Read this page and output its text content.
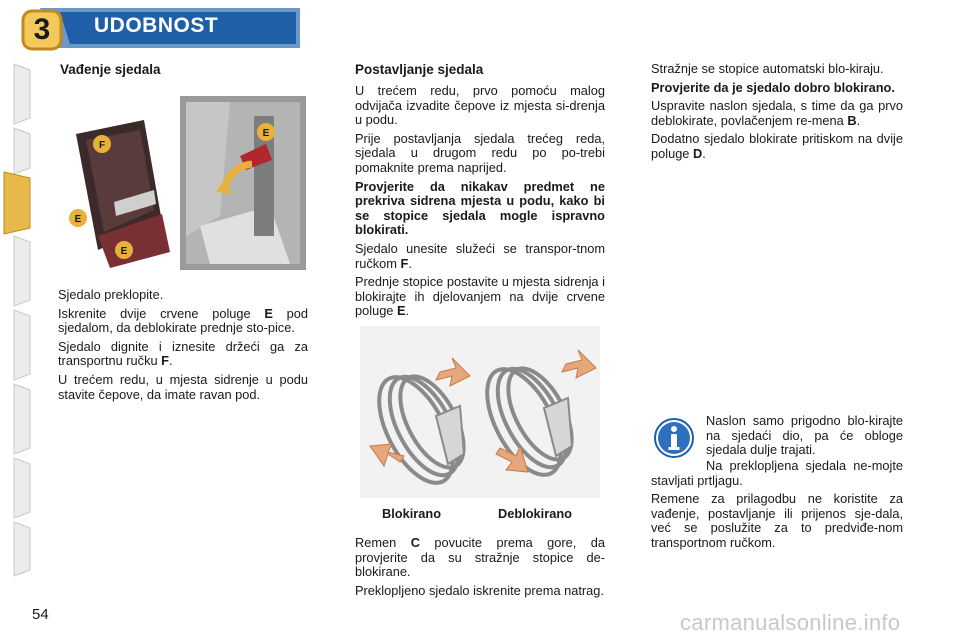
3	UDOBNOST
Vađenje sjedala
F
E
E
E

Sjedalo preklopite.

Iskrenite dvije crvene poluge E pod sjedalom, da deblokirate prednje sto-pice.

Sjedalo dignite i iznesite držeći ga za transportnu ručku F.

U trećem redu, u mjesta sidrenje u podu stavite čepove, da imate ravan pod.

Postavljanje sjedala

U trećem redu, prvo pomoću malog odvijača izvadite čepove iz mjesta si-drenja u podu.

Prije postavljanja sjedala trećeg reda, sjedala u drugom redu po po-trebi pomaknite prema naprijed.

Provjerite da nikakav predmet ne prekriva sidrena mjesta u podu, kako bi se stopice sjedala mogle ispravno blokirati.

Sjedalo unesite služeći se transpor-tnom ručkom F.

Prednje stopice postavite u mjesta sidrenja i blokirajte ih djelovanjem na dvije crvene poluge E.

Blokirano	Deblokirano

Remen C povucite prema gore, da provjerite da su stražnje stopice de-blokirane.

Preklopljeno sjedalo iskrenite prema natrag.

Stražnje se stopice automatski blo-kiraju.

Provjerite da je sjedalo dobro blokirano.

Uspravite naslon sjedala, s time da ga prvo deblokirate, povlačenjem re-mena B.

Dodatno sjedalo blokirate pritiskom na dvije poluge D.

Naslon samo prigodno blo-kirajte na sjedaći dio, pa će obloge sjedala dulje trajati.

Na preklopljena sjedala ne-mojte stavljati prtljagu.

Remene za prilagodbu ne koristite za vađenje, postavljanje ili prijenos sje-dala, već se poslužite za to predviđe-nom transportnom ručkom.

54	carmanualsonline.info
